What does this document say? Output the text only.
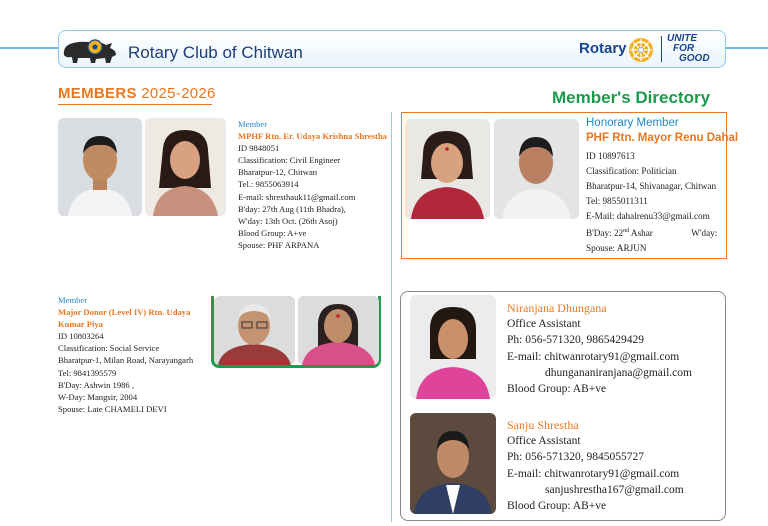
Rotary Club of Chitwan	Rotary
UNITE
FOR
GOOD
MEMBERS 2025-2026	Member's Directory
Member
MPHF Rtn. Er. Udaya Krishna Shrestha
ID 9848051
Classification: Civil Engineer
Bharatpur-12, Chitwan
Tel.: 9855063914
E-mail: shresthauk11@gmail.com
B'day: 27th Aug (11th Bhadra),
W'day: 13th Oct. (26th Asoj)
Blood Group: A+ve
Spouse: PHF ARPANA
Member
Major Donor (Level IV) Rtn. Udaya Kumar Piya
ID 10803264
Classification: Social Service
Bharatpur-1, Milan Road, Narayangarh
Tel: 9841395579
B'Day: Ashwin 1986 ,
W-Day: Mangsir, 2004
Spouse: Late CHAMELI DEVI
Honorary Member
PHF Rtn. Mayor Renu Dahal
ID 10897613
Classification: Politician
Bharatpur-14, Shivanagar, Chitwan
Tel: 9855011311
E-Mail: dahalrenu33@gmail.com
B'Day: 22nd Ashar	W'day:
Spouse: ARJUN
Niranjana Dhungana
Office Assistant
Ph: 056-571320, 9865429429
E-mail: chitwanrotary91@gmail.com
dhungananiranjana@gmail.com
Blood Group: AB+ve
Sanju Shrestha
Office Assistant
Ph: 056-571320, 9845055727
E-mail: chitwanrotary91@gmail.com
sanjushrestha167@gmail.com
Blood Group: AB+ve
